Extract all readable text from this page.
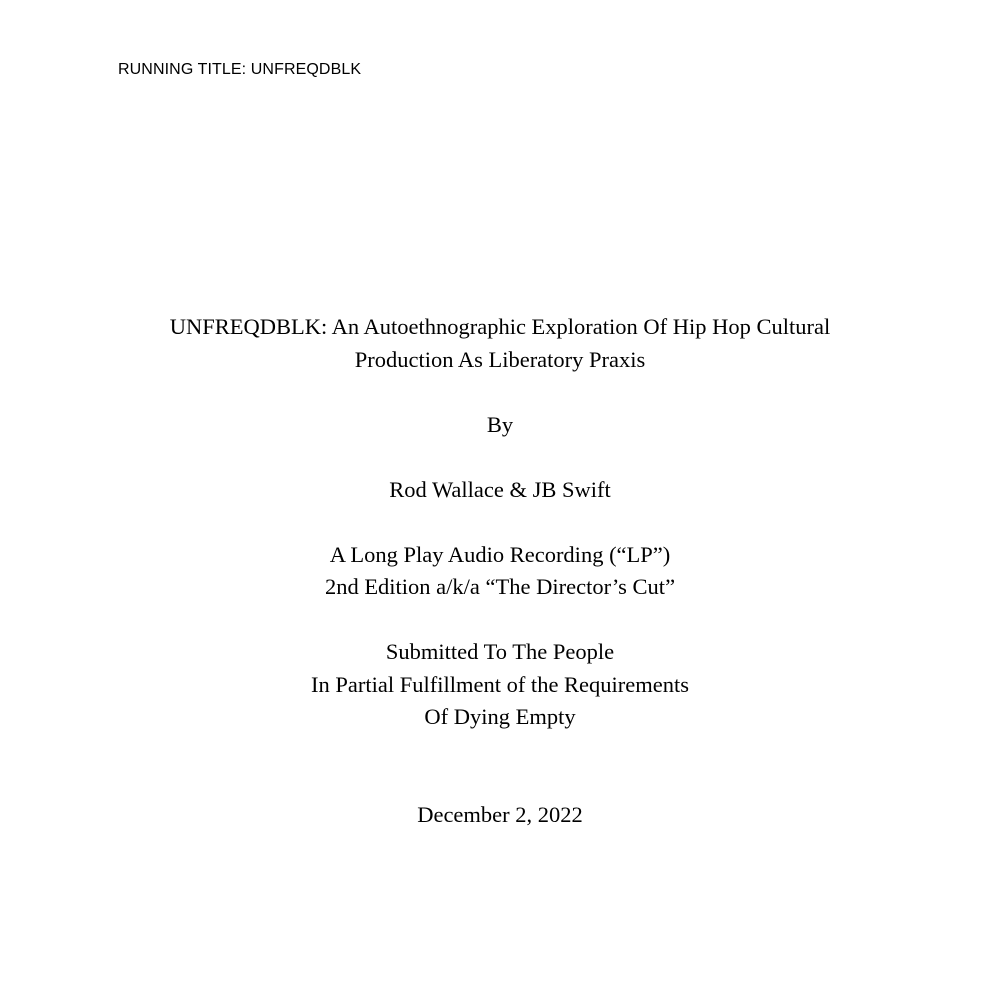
RUNNING TITLE: UNFREQDBLK
UNFREQDBLK: An Autoethnographic Exploration Of Hip Hop Cultural
Production As Liberatory Praxis
By
Rod Wallace & JB Swift
A Long Play Audio Recording (“LP”)
2nd Edition a/k/a “The Director’s Cut”
Submitted To The People
In Partial Fulfillment of the Requirements
Of Dying Empty
December 2, 2022
